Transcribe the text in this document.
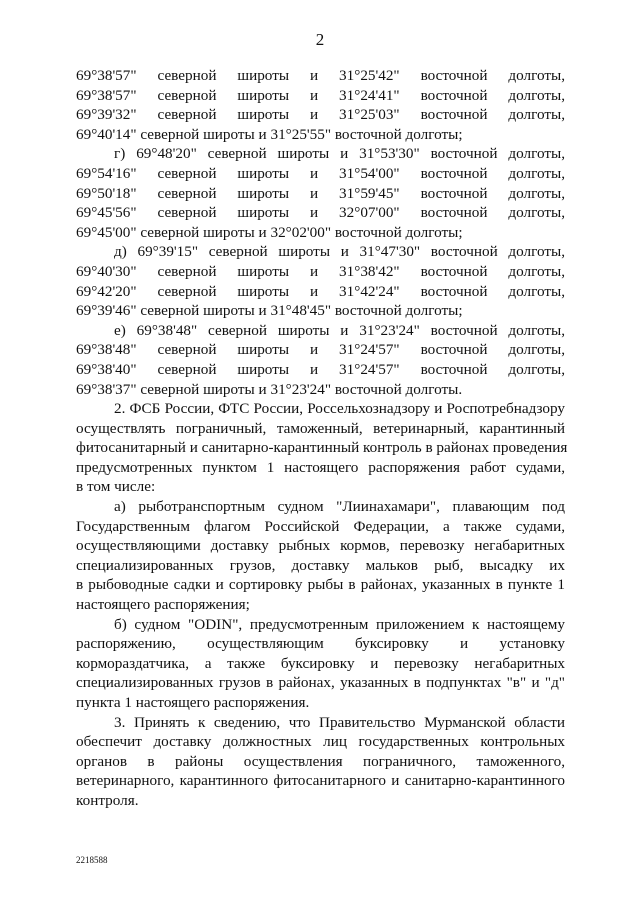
2
69°38'57" северной широты и 31°25'42" восточной долготы,
69°38'57" северной широты и 31°24'41" восточной долготы,
69°39'32" северной широты и 31°25'03" восточной долготы,
69°40'14" северной широты и 31°25'55" восточной долготы;
г) 69°48'20" северной широты и 31°53'30" восточной долготы,
69°54'16" северной широты и 31°54'00" восточной долготы,
69°50'18" северной широты и 31°59'45" восточной долготы,
69°45'56" северной широты и 32°07'00" восточной долготы,
69°45'00" северной широты и 32°02'00" восточной долготы;
д) 69°39'15" северной широты и 31°47'30" восточной долготы,
69°40'30" северной широты и 31°38'42" восточной долготы,
69°42'20" северной широты и 31°42'24" восточной долготы,
69°39'46" северной широты и 31°48'45" восточной долготы;
е) 69°38'48" северной широты и 31°23'24" восточной долготы,
69°38'48" северной широты и 31°24'57" восточной долготы,
69°38'40" северной широты и 31°24'57" восточной долготы,
69°38'37" северной широты и 31°23'24" восточной долготы.
2. ФСБ России, ФТС России, Россельхознадзору и Роспотребнадзору
осуществлять пограничный, таможенный, ветеринарный, карантинный
фитосанитарный и санитарно-карантинный контроль в районах проведения
предусмотренных пунктом 1 настоящего распоряжения работ судами,
в том числе:
а) рыботранспортным судном "Лиинахамари", плавающим под
Государственным флагом Российской Федерации, а также судами,
осуществляющими доставку рыбных кормов, перевозку негабаритных
специализированных грузов, доставку мальков рыб, высадку их
в рыбоводные садки и сортировку рыбы в районах, указанных в пункте 1
настоящего распоряжения;
б) судном "ODIN", предусмотренным приложением к настоящему
распоряжению, осуществляющим буксировку и установку
кормораздатчика, а также буксировку и перевозку негабаритных
специализированных грузов в районах, указанных в подпунктах "в" и "д"
пункта 1 настоящего распоряжения.
3. Принять к сведению, что Правительство Мурманской области
обеспечит доставку должностных лиц государственных контрольных
органов в районы осуществления пограничного, таможенного,
ветеринарного, карантинного фитосанитарного и санитарно-карантинного
контроля.
2218588
